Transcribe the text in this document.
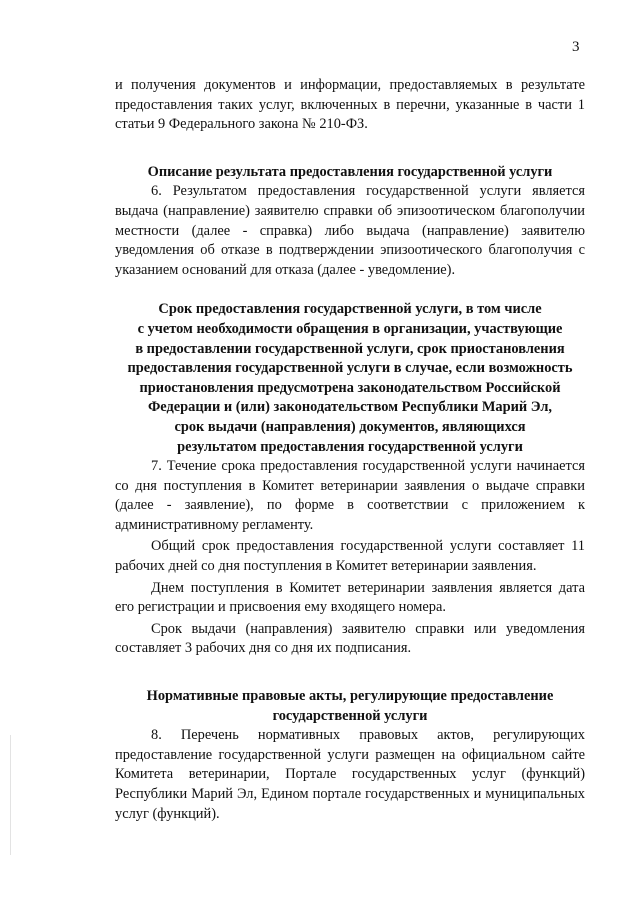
3

и получения документов и информации, предоставляемых в результате предоставления таких услуг, включенных в перечни, указанные в части 1 статьи 9 Федерального закона № 210-ФЗ.

Описание результата предоставления государственной услуги

6. Результатом предоставления государственной услуги является выдача (направление) заявителю справки об эпизоотическом благополучии местности (далее - справка) либо выдача (направление) заявителю уведомления об отказе в подтверждении эпизоотического благополучия с указанием оснований для отказа (далее - уведомление).

Срок предоставления государственной услуги, в том числе
с учетом необходимости обращения в организации, участвующие
в предоставлении государственной услуги, срок приостановления
предоставления государственной услуги в случае, если возможность
приостановления предусмотрена законодательством Российской
Федерации и (или) законодательством Республики Марий Эл,
срок выдачи (направления) документов, являющихся
результатом предоставления государственной услуги

7. Течение срока предоставления государственной услуги начинается со дня поступления в Комитет ветеринарии заявления о выдаче справки (далее - заявление), по форме в соответствии с приложением к административному регламенту.

Общий срок предоставления государственной услуги составляет 11 рабочих дней со дня поступления в Комитет ветеринарии заявления.

Днем поступления в Комитет ветеринарии заявления является дата его регистрации и присвоения ему входящего номера.

Срок выдачи (направления) заявителю справки или уведомления составляет 3 рабочих дня со дня их подписания.

Нормативные правовые акты, регулирующие предоставление
государственной услуги

8. Перечень нормативных правовых актов, регулирующих предоставление государственной услуги размещен на официальном сайте Комитета ветеринарии, Портале государственных услуг (функций) Республики Марий Эл, Едином портале государственных и муниципальных услуг (функций).
